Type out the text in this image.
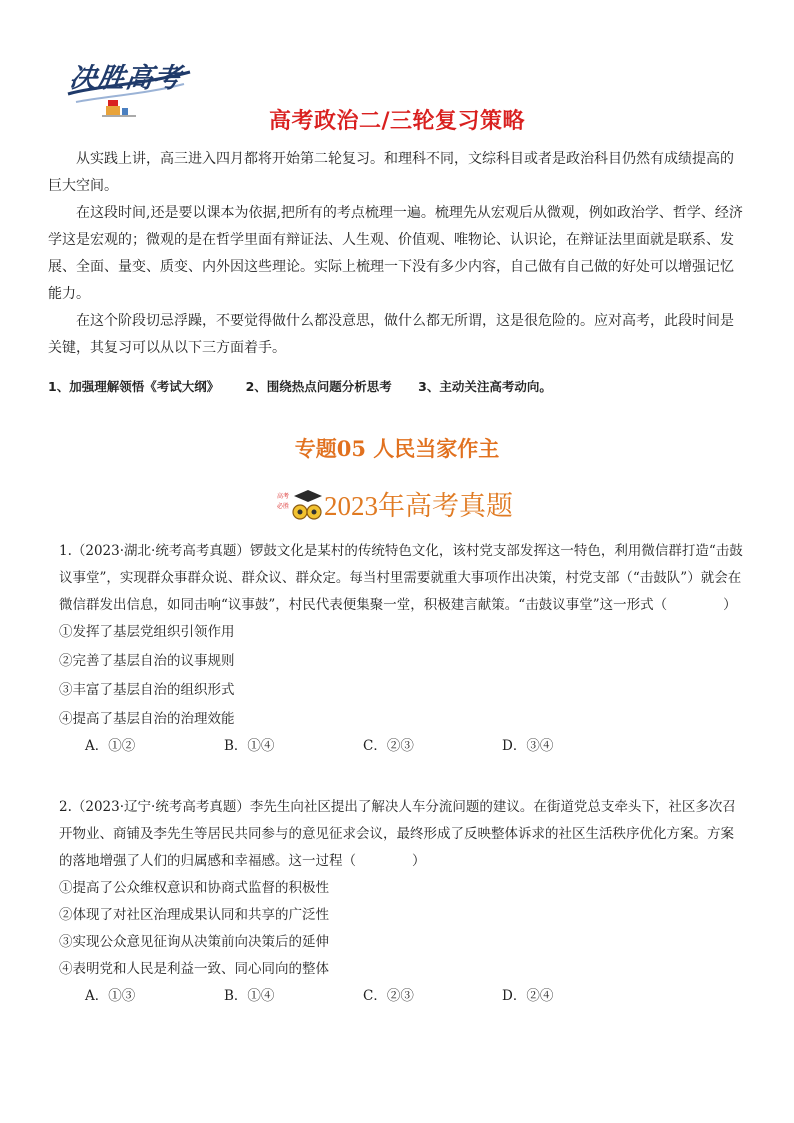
决胜高考
高考政治二/三轮复习策略

从实践上讲，高三进入四月都将开始第二轮复习。和理科不同，文综科目或者是政治科目仍然有成绩提高的巨大空间。

在这段时间,还是要以课本为依据,把所有的考点梳理一遍。梳理先从宏观后从微观，例如政治学、哲学、经济学这是宏观的；微观的是在哲学里面有辩证法、人生观、价值观、唯物论、认识论，在辩证法里面就是联系、发展、全面、量变、质变、内外因这些理论。实际上梳理一下没有多少内容，自己做有自己做的好处可以增强记忆能力。

在这个阶段切忌浮躁，不要觉得做什么都没意思，做什么都无所谓，这是很危险的。应对高考，此段时间是关键，其复习可以从以下三方面着手。

1、加强理解领悟《考试大纲》 2、围绕热点问题分析思考 3、主动关注高考动向。
专题05 人民当家作主
高考
必胜 2023年高考真题
1.（2023·湖北·统考高考真题）锣鼓文化是某村的传统特色文化，该村党支部发挥这一特色，利用微信群打造“击鼓议事堂”，实现群众事群众说、群众议、群众定。每当村里需要就重大事项作出决策，村党支部（“击鼓队”）就会在微信群发出信息，如同击响“议事鼓”，村民代表便集聚一堂，积极建言献策。“击鼓议事堂”这一形式（	）
①发挥了基层党组织引领作用
②完善了基层自治的议事规则
③丰富了基层自治的组织形式
④提高了基层自治的治理效能
A．①②	B．①④	C．②③	D．③④
2.（2023·辽宁·统考高考真题）李先生向社区提出了解决人车分流问题的建议。在街道党总支牵头下，社区多次召开物业、商铺及李先生等居民共同参与的意见征求会议，最终形成了反映整体诉求的社区生活秩序优化方案。方案的落地增强了人们的归属感和幸福感。这一过程（	）
①提高了公众维权意识和协商式监督的积极性
②体现了对社区治理成果认同和共享的广泛性
③实现公众意见征询从决策前向决策后的延伸
④表明党和人民是利益一致、同心同向的整体
A．①③	B．①④	C．②③	D．②④
